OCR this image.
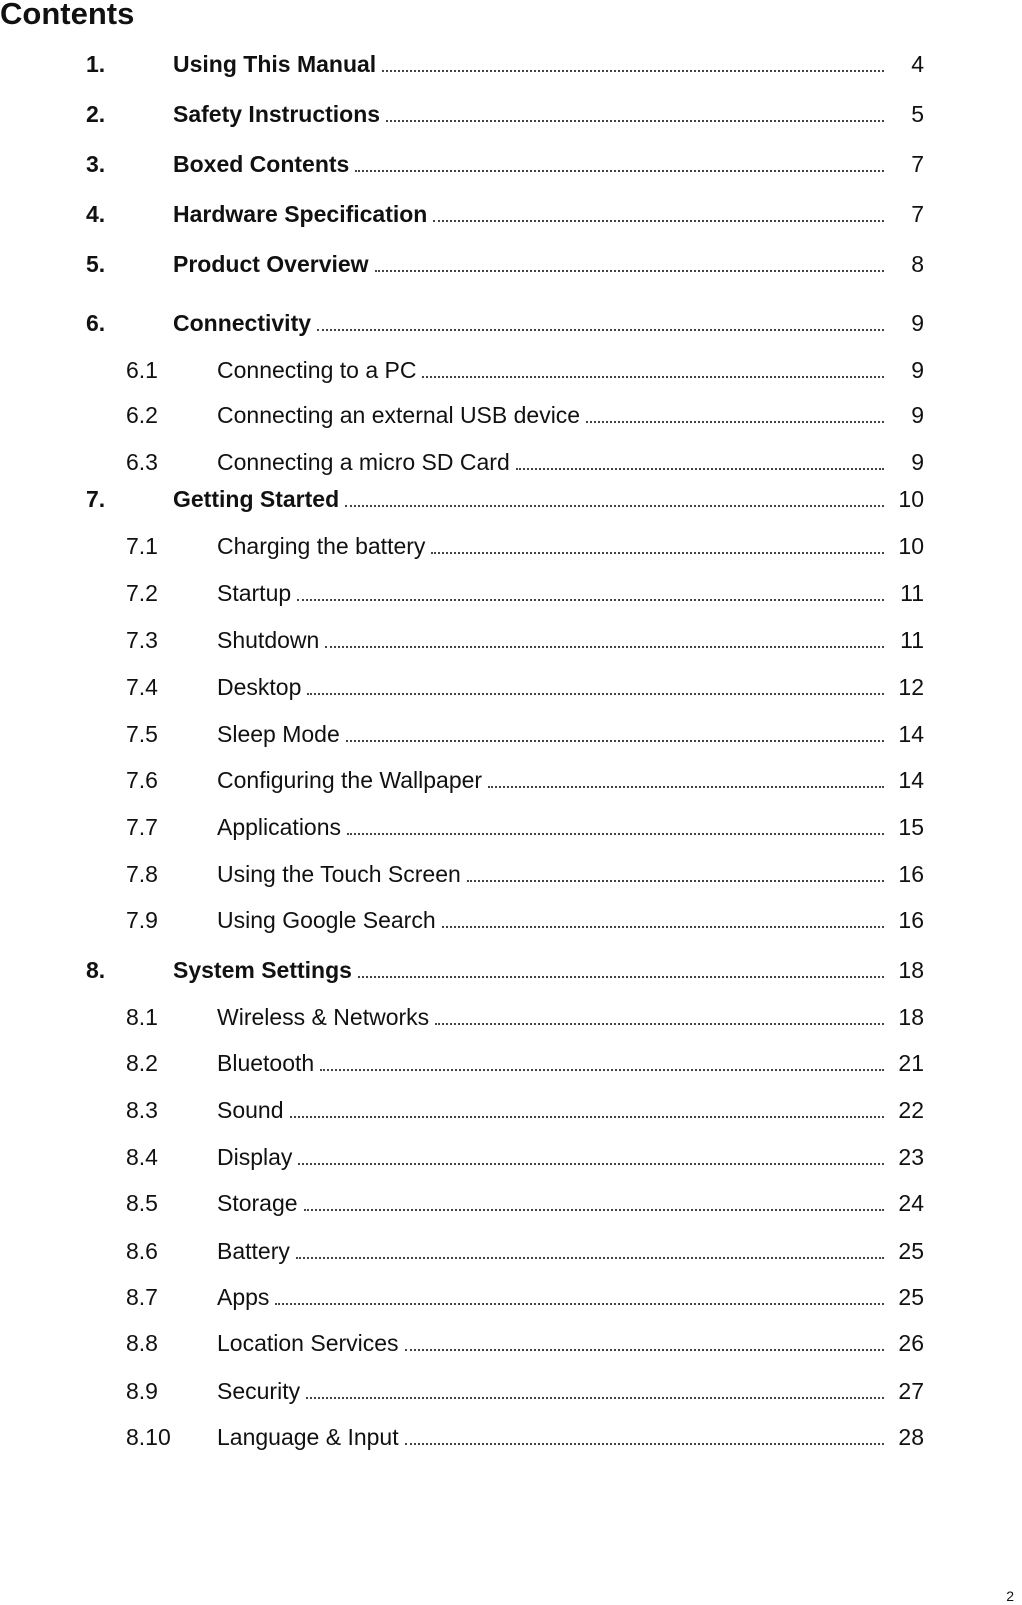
Contents
1.	Using This Manual	4
2.	Safety Instructions	5
3.	Boxed Contents	7
4.	Hardware Specification	7
5.	Product Overview	8
6.	Connectivity	9
6.1	Connecting to a PC	9
6.2	Connecting an external USB device	9
6.3	Connecting a micro SD Card	9
7.	Getting Started	10
7.1	Charging the battery	10
7.2	Startup	11
7.3	Shutdown	11
7.4	Desktop	12
7.5	Sleep Mode	14
7.6	Configuring the Wallpaper	14
7.7	Applications	15
7.8	Using the Touch Screen	16
7.9	Using Google Search	16
8.	System Settings	18
8.1	Wireless & Networks	18
8.2	Bluetooth	21
8.3	Sound	22
8.4	Display	23
8.5	Storage	24
8.6	Battery	25
8.7	Apps	25
8.8	Location Services	26
8.9	Security	27
8.10	Language & Input	28
2
